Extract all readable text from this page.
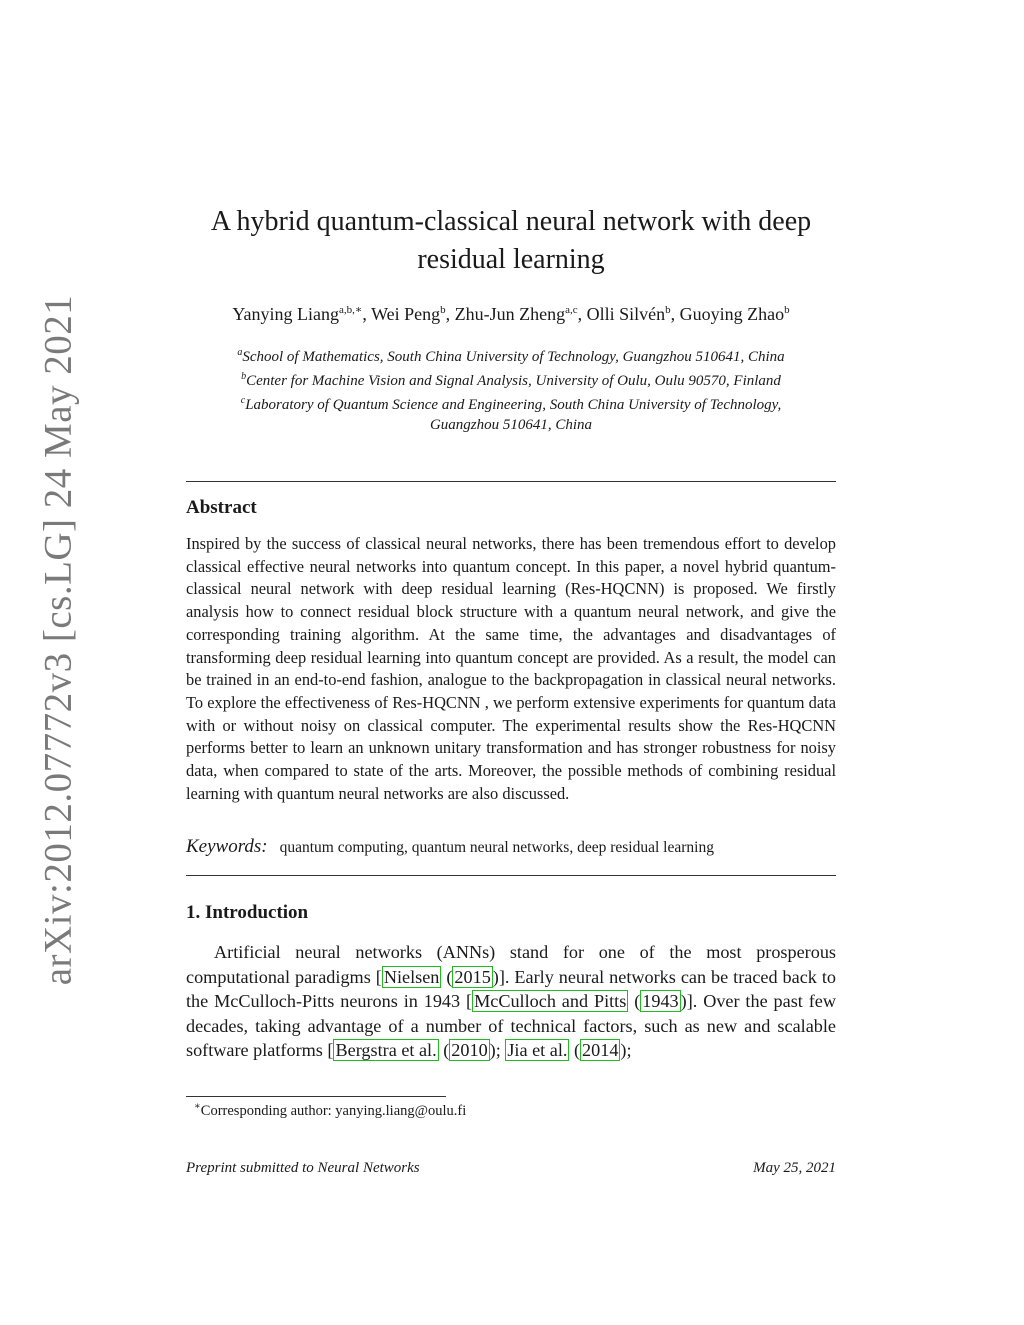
arXiv:2012.07772v3 [cs.LG] 24 May 2021
A hybrid quantum-classical neural network with deep
residual learning
Yanying Liang$^{a,b,∗}$, Wei Peng$^b$, Zhu-Jun Zheng$^{a,c}$, Olli Silvén$^b$, Guoying Zhao$^b$
$^a$School of Mathematics, South China University of Technology, Guangzhou 510641, China
$^b$Center for Machine Vision and Signal Analysis, University of Oulu, Oulu 90570, Finland
$^c$Laboratory of Quantum Science and Engineering, South China University of Technology,
Guangzhou 510641, China
Abstract

Inspired by the success of classical neural networks, there has been tremendous effort to develop classical effective neural networks into quantum concept. In this paper, a novel hybrid quantum-classical neural network with deep residual learning (Res-HQCNN) is proposed. We firstly analysis how to connect residual block structure with a quantum neural network, and give the corresponding training algorithm. At the same time, the advantages and disadvantages of transforming deep residual learning into quantum concept are provided. As a result, the model can be trained in an end-to-end fashion, analogue to the backpropagation in classical neural networks. To explore the effectiveness of Res-HQCNN , we perform extensive experiments for quantum data with or without noisy on classical computer. The experimental results show the Res-HQCNN performs better to learn an unknown unitary transformation and has stronger robustness for noisy data, when compared to state of the arts. Moreover, the possible methods of combining residual learning with quantum neural networks are also discussed.

Keywords: quantum computing, quantum neural networks, deep residual learning
1. Introduction

Artificial neural networks (ANNs) stand for one of the most prosperous computational paradigms [ Nielsen ( 2015 )]. Early neural networks can be traced back to the McCulloch-Pitts neurons in 1943 [ McCulloch and Pitts ( 1943 )]. Over the past few decades, taking advantage of a number of technical factors, such as new and scalable software platforms [ Bergstra et al. ( 2010 ); Jia et al. ( 2014 );

∗Corresponding author: yanying.liang@oulu.fi
Preprint submitted to Neural Networks	May 25, 2021
